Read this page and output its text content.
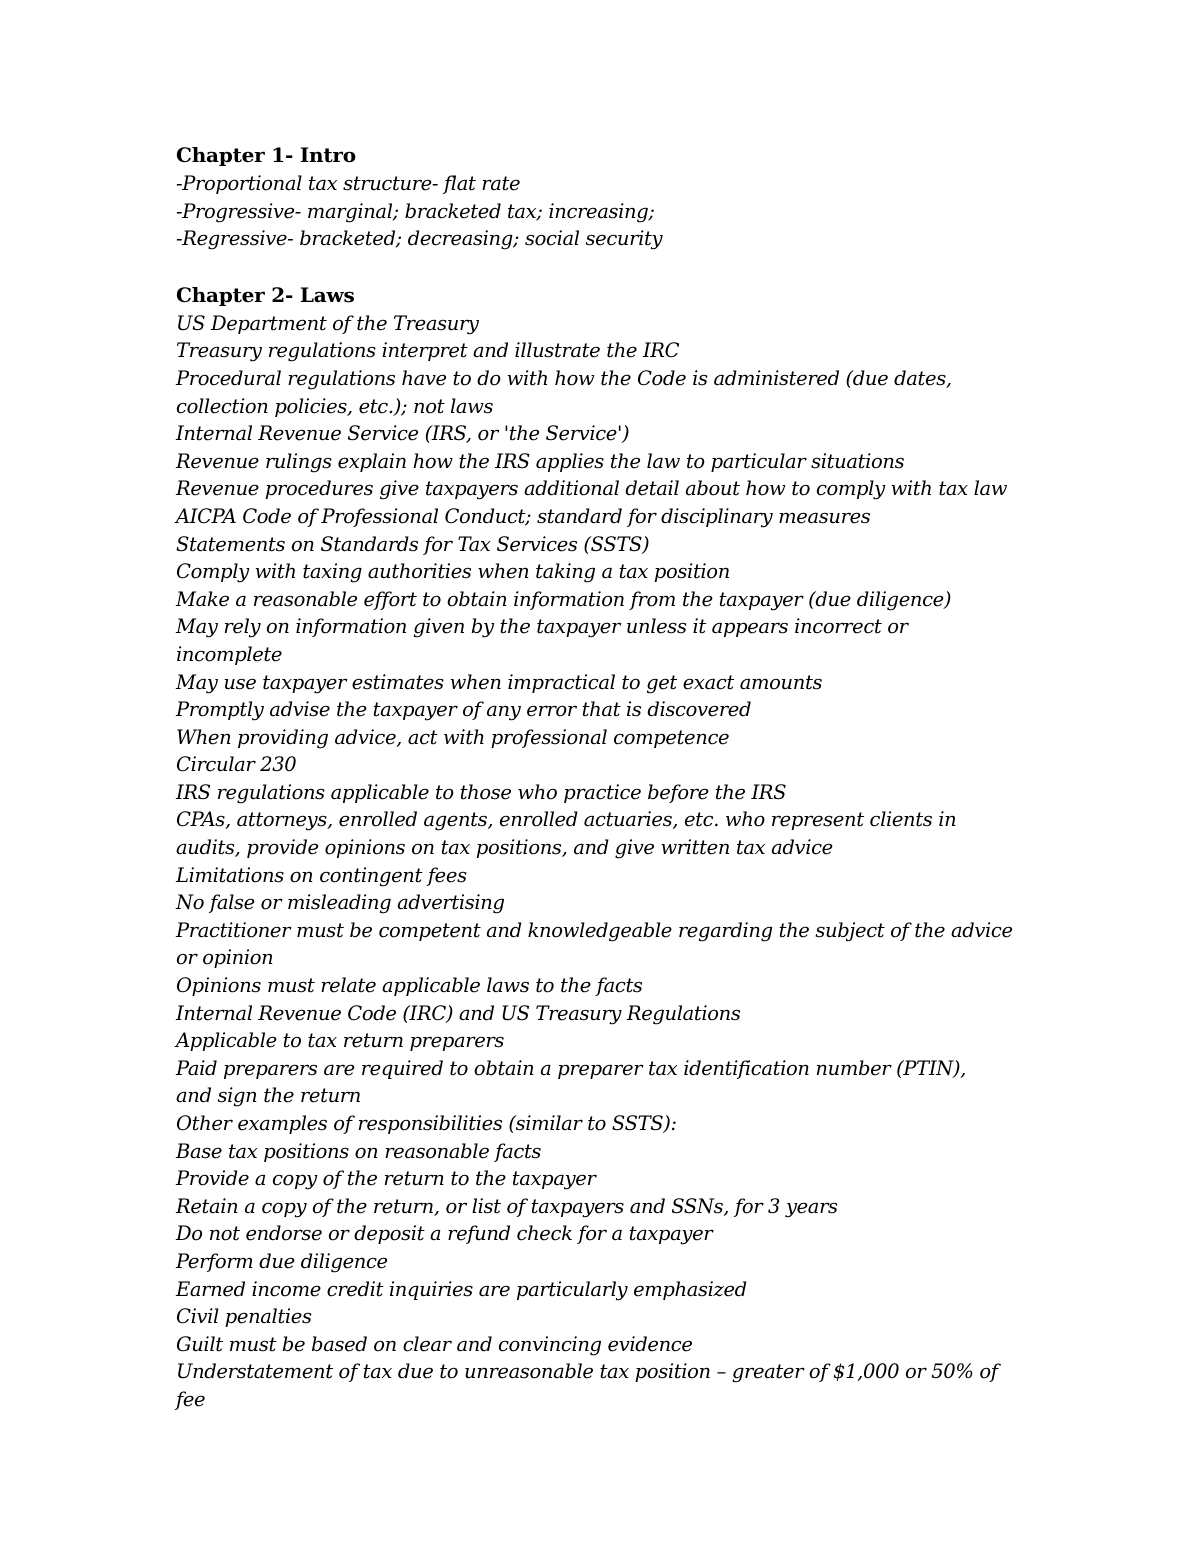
Chapter 1- Intro

-Proportional tax structure- flat rate

-Progressive- marginal; bracketed tax; increasing;

-Regressive- bracketed; decreasing; social security

Chapter 2- Laws

US Department of the Treasury

Treasury regulations interpret and illustrate the IRC

Procedural regulations have to do with how the Code is administered (due dates,

collection policies, etc.); not laws

Internal Revenue Service (IRS, or 'the Service')

Revenue rulings explain how the IRS applies the law to particular situations

Revenue procedures give taxpayers additional detail about how to comply with tax law

AICPA Code of Professional Conduct; standard for disciplinary measures

Statements on Standards for Tax Services (SSTS)

Comply with taxing authorities when taking a tax position

Make a reasonable effort to obtain information from the taxpayer (due diligence)

May rely on information given by the taxpayer unless it appears incorrect or

incomplete

May use taxpayer estimates when impractical to get exact amounts

Promptly advise the taxpayer of any error that is discovered

When providing advice, act with professional competence

Circular 230

IRS regulations applicable to those who practice before the IRS

CPAs, attorneys, enrolled agents, enrolled actuaries, etc. who represent clients in

audits, provide opinions on tax positions, and give written tax advice

Limitations on contingent fees

No false or misleading advertising

Practitioner must be competent and knowledgeable regarding the subject of the advice

or opinion

Opinions must relate applicable laws to the facts

Internal Revenue Code (IRC) and US Treasury Regulations

Applicable to tax return preparers

Paid preparers are required to obtain a preparer tax identification number (PTIN),

and sign the return

Other examples of responsibilities (similar to SSTS):

Base tax positions on reasonable facts

Provide a copy of the return to the taxpayer

Retain a copy of the return, or list of taxpayers and SSNs, for 3 years

Do not endorse or deposit a refund check for a taxpayer

Perform due diligence

Earned income credit inquiries are particularly emphasized

Civil penalties

Guilt must be based on clear and convincing evidence

Understatement of tax due to unreasonable tax position – greater of $1,000 or 50% of

fee
